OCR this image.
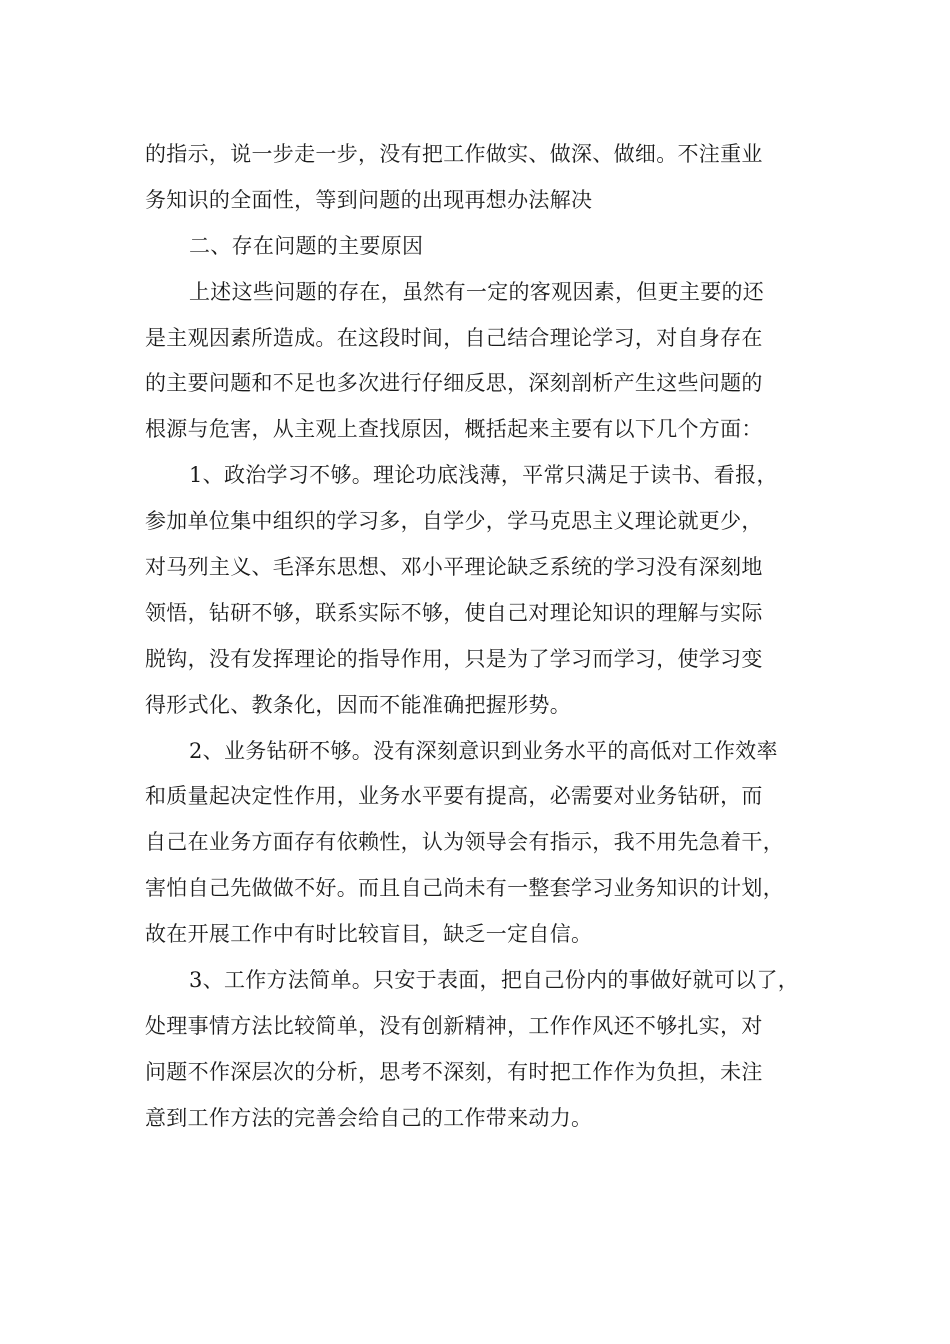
的指示，说一步走一步，没有把工作做实、做深、做细。不注重业
务知识的全面性，等到问题的出现再想办法解决
二、存在问题的主要原因
上述这些问题的存在，虽然有一定的客观因素，但更主要的还
是主观因素所造成。在这段时间，自己结合理论学习，对自身存在
的主要问题和不足也多次进行仔细反思，深刻剖析产生这些问题的
根源与危害，从主观上查找原因，概括起来主要有以下几个方面：
1、政治学习不够。理论功底浅薄，平常只满足于读书、看报，
参加单位集中组织的学习多，自学少，学马克思主义理论就更少，
对马列主义、毛泽东思想、邓小平理论缺乏系统的学习没有深刻地
领悟，钻研不够，联系实际不够，使自己对理论知识的理解与实际
脱钩，没有发挥理论的指导作用，只是为了学习而学习，使学习变
得形式化、教条化，因而不能准确把握形势。
2、业务钻研不够。没有深刻意识到业务水平的高低对工作效率
和质量起决定性作用，业务水平要有提高，必需要对业务钻研，而
自己在业务方面存有依赖性，认为领导会有指示，我不用先急着干，
害怕自己先做做不好。而且自己尚未有一整套学习业务知识的计划，
故在开展工作中有时比较盲目，缺乏一定自信。
3、工作方法简单。只安于表面，把自己份内的事做好就可以了，
处理事情方法比较简单，没有创新精神，工作作风还不够扎实，对
问题不作深层次的分析，思考不深刻，有时把工作作为负担，未注
意到工作方法的完善会给自己的工作带来动力。
